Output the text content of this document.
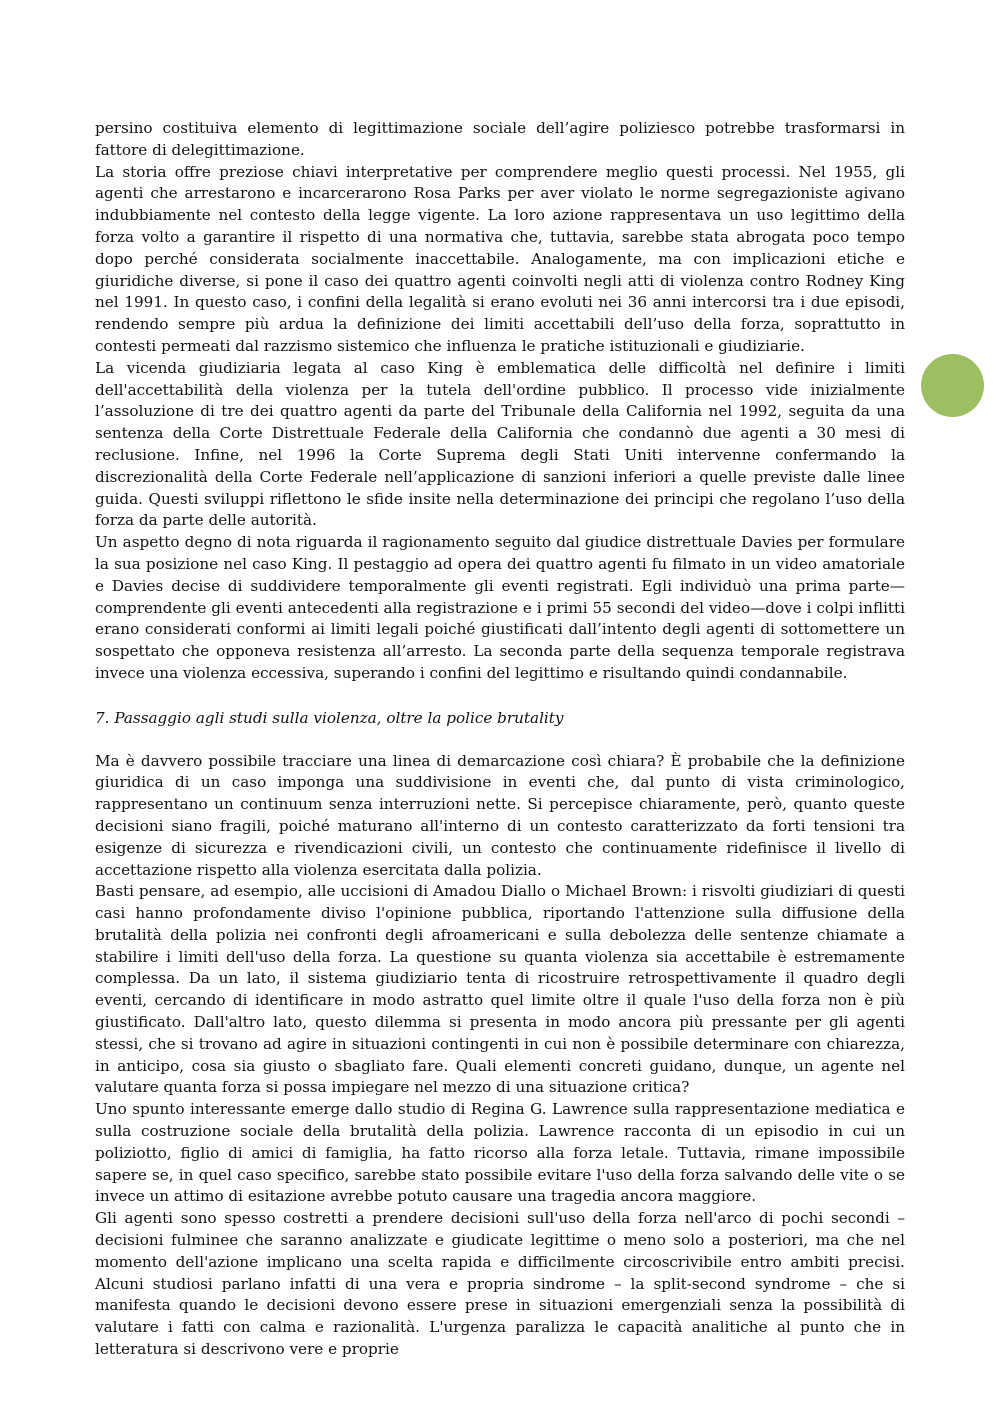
persino costituiva elemento di legittimazione sociale dell’agire poliziesco potrebbe trasformarsi in fattore di delegittimazione.

La storia offre preziose chiavi interpretative per comprendere meglio questi processi. Nel 1955, gli agenti che arrestarono e incarcerarono Rosa Parks per aver violato le norme segregazioniste agivano indubbiamente nel contesto della legge vigente. La loro azione rappresentava un uso legittimo della forza volto a garantire il rispetto di una normativa che, tuttavia, sarebbe stata abrogata poco tempo dopo perché considerata socialmente inaccettabile. Analogamente, ma con implicazioni etiche e giuridiche diverse, si pone il caso dei quattro agenti coinvolti negli atti di violenza contro Rodney King nel 1991. In questo caso, i confini della legalità si erano evoluti nei 36 anni intercorsi tra i due episodi, rendendo sempre più ardua la definizione dei limiti accettabili dell’uso della forza, soprattutto in contesti permeati dal razzismo sistemico che influenza le pratiche istituzionali e giudiziarie.

La vicenda giudiziaria legata al caso King è emblematica delle difficoltà nel definire i limiti dell'accettabilità della violenza per la tutela dell'ordine pubblico. Il processo vide inizialmente l’assoluzione di tre dei quattro agenti da parte del Tribunale della California nel 1992, seguita da una sentenza della Corte Distrettuale Federale della California che condannò due agenti a 30 mesi di reclusione. Infine, nel 1996 la Corte Suprema degli Stati Uniti intervenne confermando la discrezionalità della Corte Federale nell’applicazione di sanzioni inferiori a quelle previste dalle linee guida. Questi sviluppi riflettono le sfide insite nella determinazione dei principi che regolano l’uso della forza da parte delle autorità.

Un aspetto degno di nota riguarda il ragionamento seguito dal giudice distrettuale Davies per formulare la sua posizione nel caso King. Il pestaggio ad opera dei quattro agenti fu filmato in un video amatoriale e Davies decise di suddividere temporalmente gli eventi registrati. Egli individuò una prima parte—comprendente gli eventi antecedenti alla registrazione e i primi 55 secondi del video—dove i colpi inflitti erano considerati conformi ai limiti legali poiché giustificati dall’intento degli agenti di sottomettere un sospettato che opponeva resistenza all’arresto. La seconda parte della sequenza temporale registrava invece una violenza eccessiva, superando i confini del legittimo e risultando quindi condannabile.

7. Passaggio agli studi sulla violenza, oltre la police brutality

Ma è davvero possibile tracciare una linea di demarcazione così chiara? È probabile che la definizione giuridica di un caso imponga una suddivisione in eventi che, dal punto di vista criminologico, rappresentano un continuum senza interruzioni nette. Si percepisce chiaramente, però, quanto queste decisioni siano fragili, poiché maturano all'interno di un contesto caratterizzato da forti tensioni tra esigenze di sicurezza e rivendicazioni civili, un contesto che continuamente ridefinisce il livello di accettazione rispetto alla violenza esercitata dalla polizia.

Basti pensare, ad esempio, alle uccisioni di Amadou Diallo o Michael Brown: i risvolti giudiziari di questi casi hanno profondamente diviso l'opinione pubblica, riportando l'attenzione sulla diffusione della brutalità della polizia nei confronti degli afroamericani e sulla debolezza delle sentenze chiamate a stabilire i limiti dell'uso della forza. La questione su quanta violenza sia accettabile è estremamente complessa. Da un lato, il sistema giudiziario tenta di ricostruire retrospettivamente il quadro degli eventi, cercando di identificare in modo astratto quel limite oltre il quale l'uso della forza non è più giustificato. Dall'altro lato, questo dilemma si presenta in modo ancora più pressante per gli agenti stessi, che si trovano ad agire in situazioni contingenti in cui non è possibile determinare con chiarezza, in anticipo, cosa sia giusto o sbagliato fare. Quali elementi concreti guidano, dunque, un agente nel valutare quanta forza si possa impiegare nel mezzo di una situazione critica?

Uno spunto interessante emerge dallo studio di Regina G. Lawrence sulla rappresentazione mediatica e sulla costruzione sociale della brutalità della polizia. Lawrence racconta di un episodio in cui un poliziotto, figlio di amici di famiglia, ha fatto ricorso alla forza letale. Tuttavia, rimane impossibile sapere se, in quel caso specifico, sarebbe stato possibile evitare l'uso della forza salvando delle vite o se invece un attimo di esitazione avrebbe potuto causare una tragedia ancora maggiore.

Gli agenti sono spesso costretti a prendere decisioni sull'uso della forza nell'arco di pochi secondi – decisioni fulminee che saranno analizzate e giudicate legittime o meno solo a posteriori, ma che nel momento dell'azione implicano una scelta rapida e difficilmente circoscrivibile entro ambiti precisi. Alcuni studiosi parlano infatti di una vera e propria sindrome – la split-second syndrome – che si manifesta quando le decisioni devono essere prese in situazioni emergenziali senza la possibilità di valutare i fatti con calma e razionalità. L'urgenza paralizza le capacità analitiche al punto che in letteratura si descrivono vere e proprie
